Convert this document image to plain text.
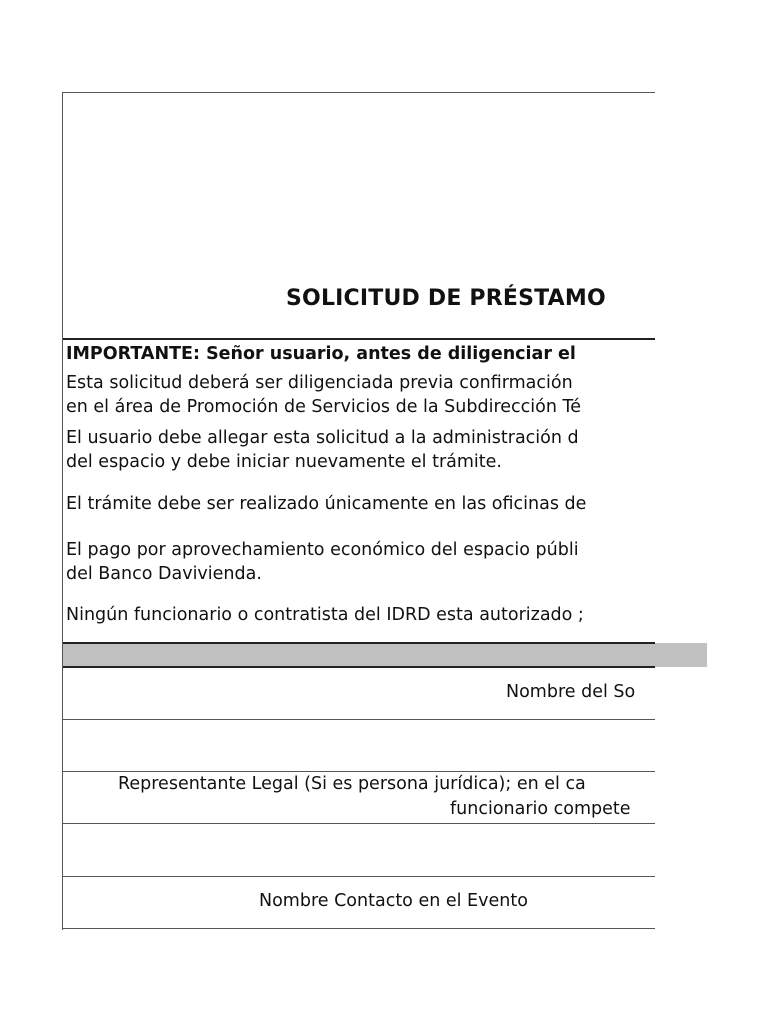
SOLICITUD DE PRÉSTAMO
IMPORTANTE: Señor usuario, antes de diligenciar el
Esta solicitud deberá ser diligenciada previa confirmación
en el área de Promoción de Servicios de la Subdirección Té
El usuario debe allegar esta solicitud a la administración d
del espacio y debe iniciar nuevamente el trámite.
El trámite debe ser realizado únicamente en las oficinas de
El pago por aprovechamiento económico del espacio públi
del Banco Davivienda.
Ningún funcionario o contratista del IDRD esta autorizado ;
Nombre del So
Representante Legal (Si es persona jurídica); en el ca
funcionario compete
Nombre Contacto en el Evento
